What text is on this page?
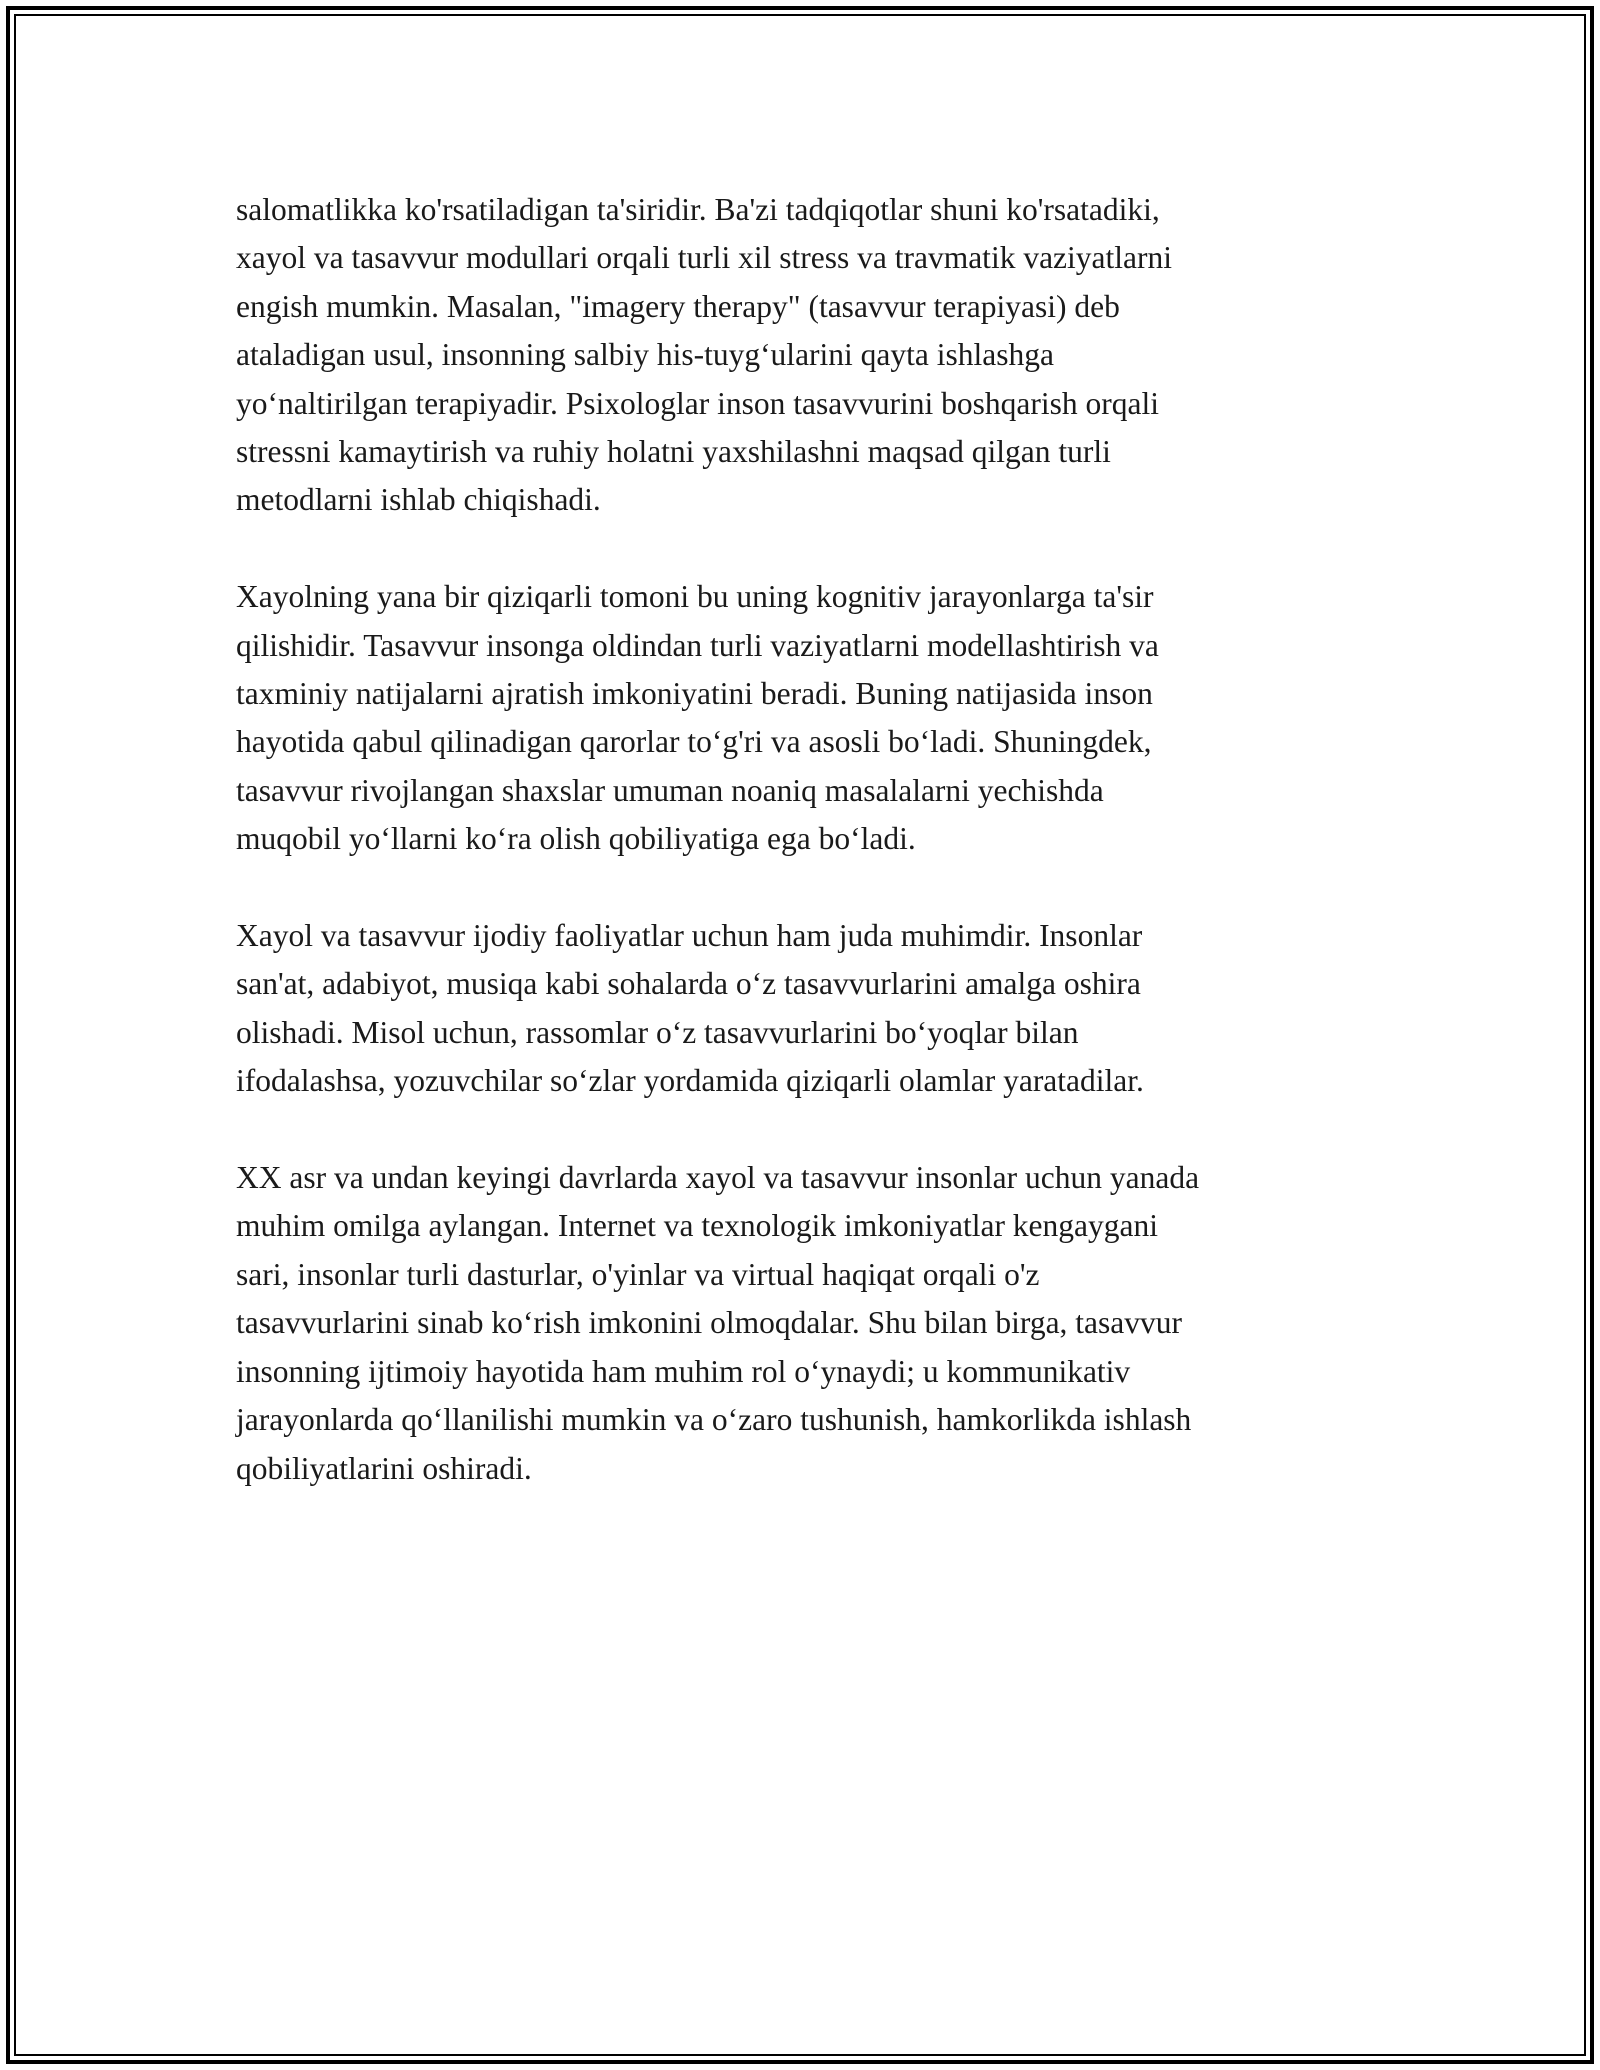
salomatlikka ko'rsatiladigan ta'siridir. Ba'zi tadqiqotlar shuni ko'rsatadiki,
xayol va tasavvur modullari orqali turli xil stress va travmatik vaziyatlarni
engish mumkin. Masalan, "imagery therapy" (tasavvur terapiyasi) deb
ataladigan usul, insonning salbiy his-tuyg‘ularini qayta ishlashga
yo‘naltirilgan terapiyadir. Psixologlar inson tasavvurini boshqarish orqali
stressni kamaytirish va ruhiy holatni yaxshilashni maqsad qilgan turli
metodlarni ishlab chiqishadi.

Xayolning yana bir qiziqarli tomoni bu uning kognitiv jarayonlarga ta'sir
qilishidir. Tasavvur insonga oldindan turli vaziyatlarni modellashtirish va
taxminiy natijalarni ajratish imkoniyatini beradi. Buning natijasida inson
hayotida qabul qilinadigan qarorlar to‘g'ri va asosli bo‘ladi. Shuningdek,
tasavvur rivojlangan shaxslar umuman noaniq masalalarni yechishda
muqobil yo‘llarni ko‘ra olish qobiliyatiga ega bo‘ladi.

Xayol va tasavvur ijodiy faoliyatlar uchun ham juda muhimdir. Insonlar
san'at, adabiyot, musiqa kabi sohalarda o‘z tasavvurlarini amalga oshira
olishadi. Misol uchun, rassomlar o‘z tasavvurlarini bo‘yoqlar bilan
ifodalashsa, yozuvchilar so‘zlar yordamida qiziqarli olamlar yaratadilar.

XX asr va undan keyingi davrlarda xayol va tasavvur insonlar uchun yanada
muhim omilga aylangan. Internet va texnologik imkoniyatlar kengaygani
sari, insonlar turli dasturlar, o'yinlar va virtual haqiqat orqali o'z
tasavvurlarini sinab ko‘rish imkonini olmoqdalar. Shu bilan birga, tasavvur
insonning ijtimoiy hayotida ham muhim rol o‘ynaydi; u kommunikativ
jarayonlarda qo‘llanilishi mumkin va o‘zaro tushunish, hamkorlikda ishlash
qobiliyatlarini oshiradi.
